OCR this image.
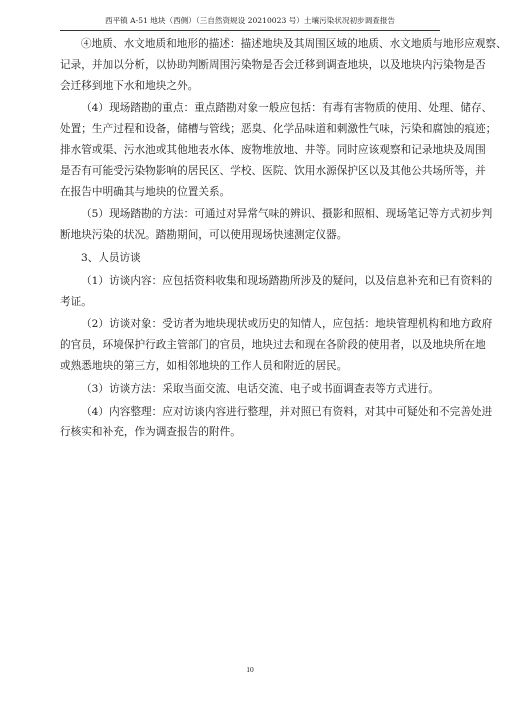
西平镇 A-51 地块（西侧）（三自然资规设 20210023 号）土壤污染状况初步调查报告
④地质、水文地质和地形的描述：描述地块及其周围区域的地质、水文地质与地形应观察、
记录，并加以分析，以协助判断周围污染物是否会迁移到调查地块，以及地块内污染物是否
会迁移到地下水和地块之外。
（4）现场踏勘的重点：重点踏勘对象一般应包括：有毒有害物质的使用、处理、储存、
处置；生产过程和设备，储槽与管线；恶臭、化学品味道和刺激性气味，污染和腐蚀的痕迹；
排水管或渠、污水池或其他地表水体、废物堆放地、井等。同时应该观察和记录地块及周围
是否有可能受污染物影响的居民区、学校、医院、饮用水源保护区以及其他公共场所等，并
在报告中明确其与地块的位置关系。
（5）现场踏勘的方法：可通过对异常气味的辨识、摄影和照相、现场笔记等方式初步判
断地块污染的状况。踏勘期间，可以使用现场快速测定仪器。
3、人员访谈
（1）访谈内容：应包括资料收集和现场踏勘所涉及的疑问，以及信息补充和已有资料的
考证。
（2）访谈对象：受访者为地块现状或历史的知情人，应包括：地块管理机构和地方政府
的官员，环境保护行政主管部门的官员，地块过去和现在各阶段的使用者，以及地块所在地
或熟悉地块的第三方，如相邻地块的工作人员和附近的居民。
（3）访谈方法：采取当面交流、电话交流、电子或书面调查表等方式进行。
（4）内容整理：应对访谈内容进行整理，并对照已有资料，对其中可疑处和不完善处进
行核实和补充，作为调查报告的附件。
10
